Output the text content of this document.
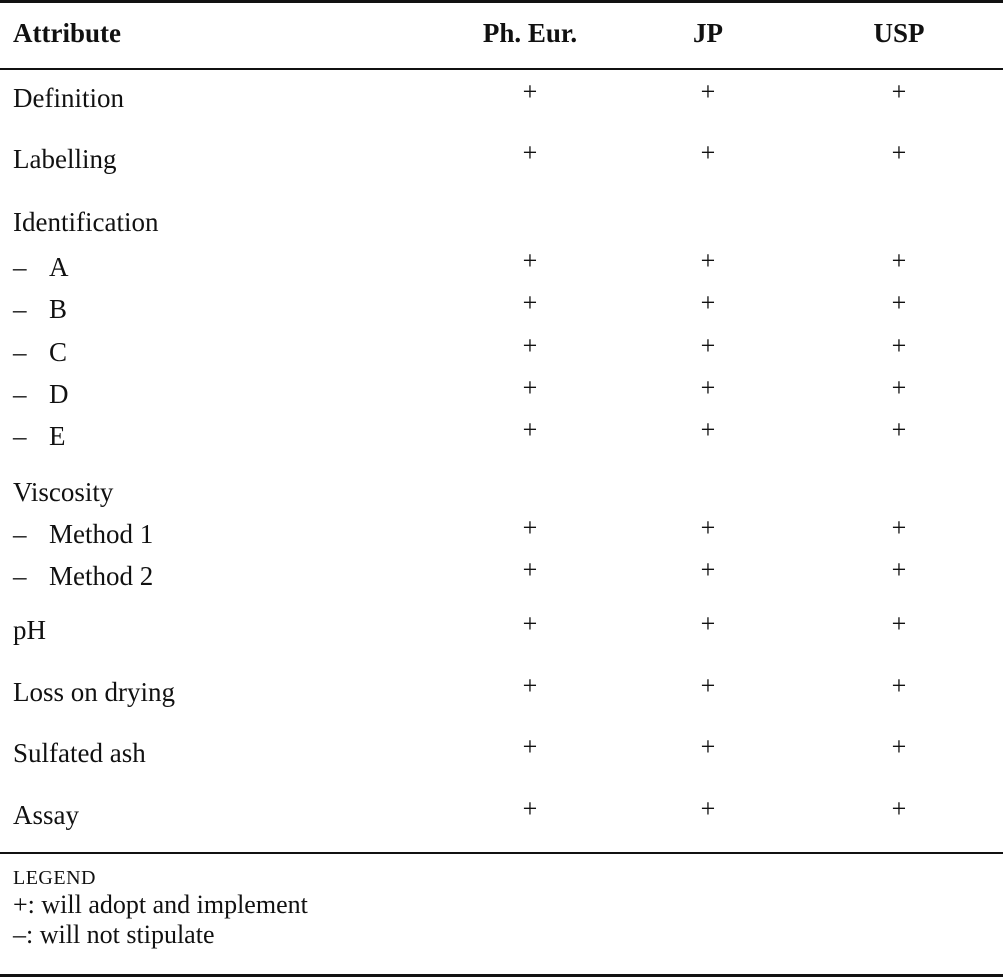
Attribute	Ph. Eur.	JP	USP
Definition	+	+	+
Labelling	+	+	+
Identification
– A	+	+	+
– B	+	+	+
– C	+	+	+
– D	+	+	+
– E	+	+	+
Viscosity
– Method 1	+	+	+
– Method 2	+	+	+
pH	+	+	+
Loss on drying	+	+	+
Sulfated ash	+	+	+
Assay	+	+	+
LEGEND
+: will adopt and implement
–: will not stipulate
